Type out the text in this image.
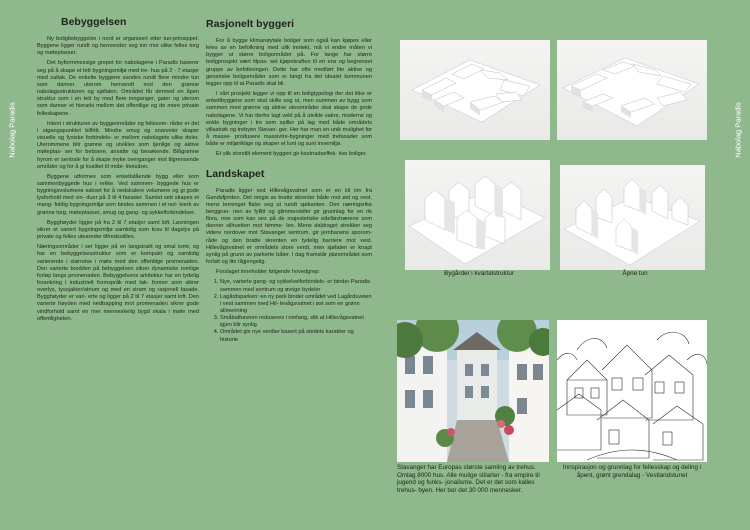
Nabolag Paradis	Nabolag Paradis
Bebyggelsen

Ny boligbebyggelse i nord er organisert etter tun-prinsippet. Byggene ligger rundt og henvender seg inn mot ulike felles torg og møteplasser.

Det byformmessige grepet for nabolagene i Paradis baserer seg på å skape et tett bygningsmiljø med tre- hus på 2 - 7 etasjer med saltak. De enkelte byggene sandes rundt flere mindre tun som danner uterom henvendt mot den grønne nabolagsstrukturen og sjøfaten. Området får dermed en åpen struktur som i en tett by med flere innganger, gater og uterom som danner et hierarki mellom det offentlige og de mere private felleskapene.

Intent i strukturen av byggeområder og fellesom- råder er det i utgangspunktet bilfritt. Mindre smug og snarveier skaper visuelle og fysiske forbindels- er mellom nabolagets ulike deler. Uterommene blir grønne og utvikles som tjenlige og aktive møteplas- ser for beboere, ansatte og besøkende. Blågrønne hyrom er sentrale for å skape myke overganger mot tilgrensende områder og for å gi kvalitet til mobi- litetsårer.

Byggene utformes som enkeltstående bygg eller som sammenbyggede hus i rekke. Ved sammen- byggede hus er bygningsvolumene sakset for å nedskalere volumene og gi gode lysforhold med vin- duer på 3 til 4 fasader. Samlet sett skapes et mang- foldig bygningsmiljø som bindes sammen i et net- tverk av grønne torg, møteplasser, smug og gang- og sykkelforbindelser.

Bygghøyder ligger på fra 2 til 7 etasjer samt loft. Løsningen sikrer et variert bygningsmiljø samtidig som krav til dagslys på private og felles uteareder tilfredsstilles.

Næringsområder i ser ligger på en langstrakt og smal tomt, og har en bebyggelsesstruktur som er kompakt og samtidig varierende i størrelse i møte med den offentlige promenaden. Den varierte bredden på bebyggelsen sikrer dynamiske romlige forløp langs promenaden. Bebyggelsens arkitektur har en tydelig forankring i industrielt formspråk med tak- former som sikrer overlys, tyssjakter/atrium og med en stram og rasjonell fasade. Bygghøyder er vari- erte og ligger på 2 til 7 etasjer samt loft. Den varierte høyden med nedtrapping mot promenaden sikrer gode vindforhold samt en mer menneskelig bygd skala i møte med offentligheten.

Rasjonelt byggeri

For å bygge klimanøytale boliger som også kan kjøpes eller leies av en befolkning med ulik inntekt, må vi endre måten vi bygger ut større boligområder på. For lange har større boligprosjekt vært tilpas- set kjøpekraften til en ens og begrenset gruppe av befolkningen. Dette har ofte medført lite aktive og generiske boligområder som er langt fra det idealet kommunen legger opp til at Paradis skal bli.

I vårt prosjekt legger vi opp til en boligtypologi der det ikke er enkeltbyggene som skal skille seg ut, men summen av bygg som sammen med grønne og aktive uterområder skal skape de gode nabolagene. Vi har derfor lagt vekt på å utvikle vakre, moderne og enkle bygninger i tre som spiller på lag med både områdets villastrøk og trebyen Stavan- ger. Her har man en unik mulighet for å masse- produsere massivtre-bygninger med trefasader som både er miljøriktige og skaper et lunt og sunt innemiljø.

Et slik storstilt element byggeri gir kostnadseffek- tive boliger.

Landskapet

Paradis ligger ved Hillevågsvatnet som er en kil inn fra Gandsfjorden. Det omgis av bratte skrenter både mot øst og vest, mens terrenget flater seg ut rundt sjøkanten. Den næringsrike berggrun- nen av fyllitt og glimmerskifer gir grunnlag for en rik flora, noe som kan ses på de majestetiske edelløvtrærene som danner silhuetten mot himme- len. Mens daldraget strekker seg videre nordover mot Stavanger sentrum, gir jernbanens sporom- råde og den bratte skrenten en tydelig barriere mot vest. Hillevågsvatnet er områdets store verdi, men sjøfaten er knapt synlig på grunn av parkerte båter. I dag framstår planområdet som forlatt og lite tilgjengelig.

Forslaget inneholder følgende hovedgrep:

1. Nye, varierte gang- og sykkelveiforbindels- er binder Paradis sammen med sentrum og øvrige bydeler
2. Lagårdsparken: en ny park binder området ved Lagårdsveien i vest sammen med Hil- levågsvatnet i øst som en grønn allmenning
3. Småbathavnen reduseres i omfang, slik at Hillevågsvatnet igjen blir synlig
4. Området gis nye verdier basert på stedets karakter og historie
Bygårder i kvartalstruktur	Åpne tun
Stavanger har Europas største samling av trehus. Omlag 8000 hus. Alle mulige stilarter - fra empire til jugend og funks- jonalisme. Det er det som kalles trehus- byen. Her bor det 30 000 mennesker.
Innspirasjon og grunnlag for fellesskap og deling i åpent, grønt grendalag - Vestlandstunet
